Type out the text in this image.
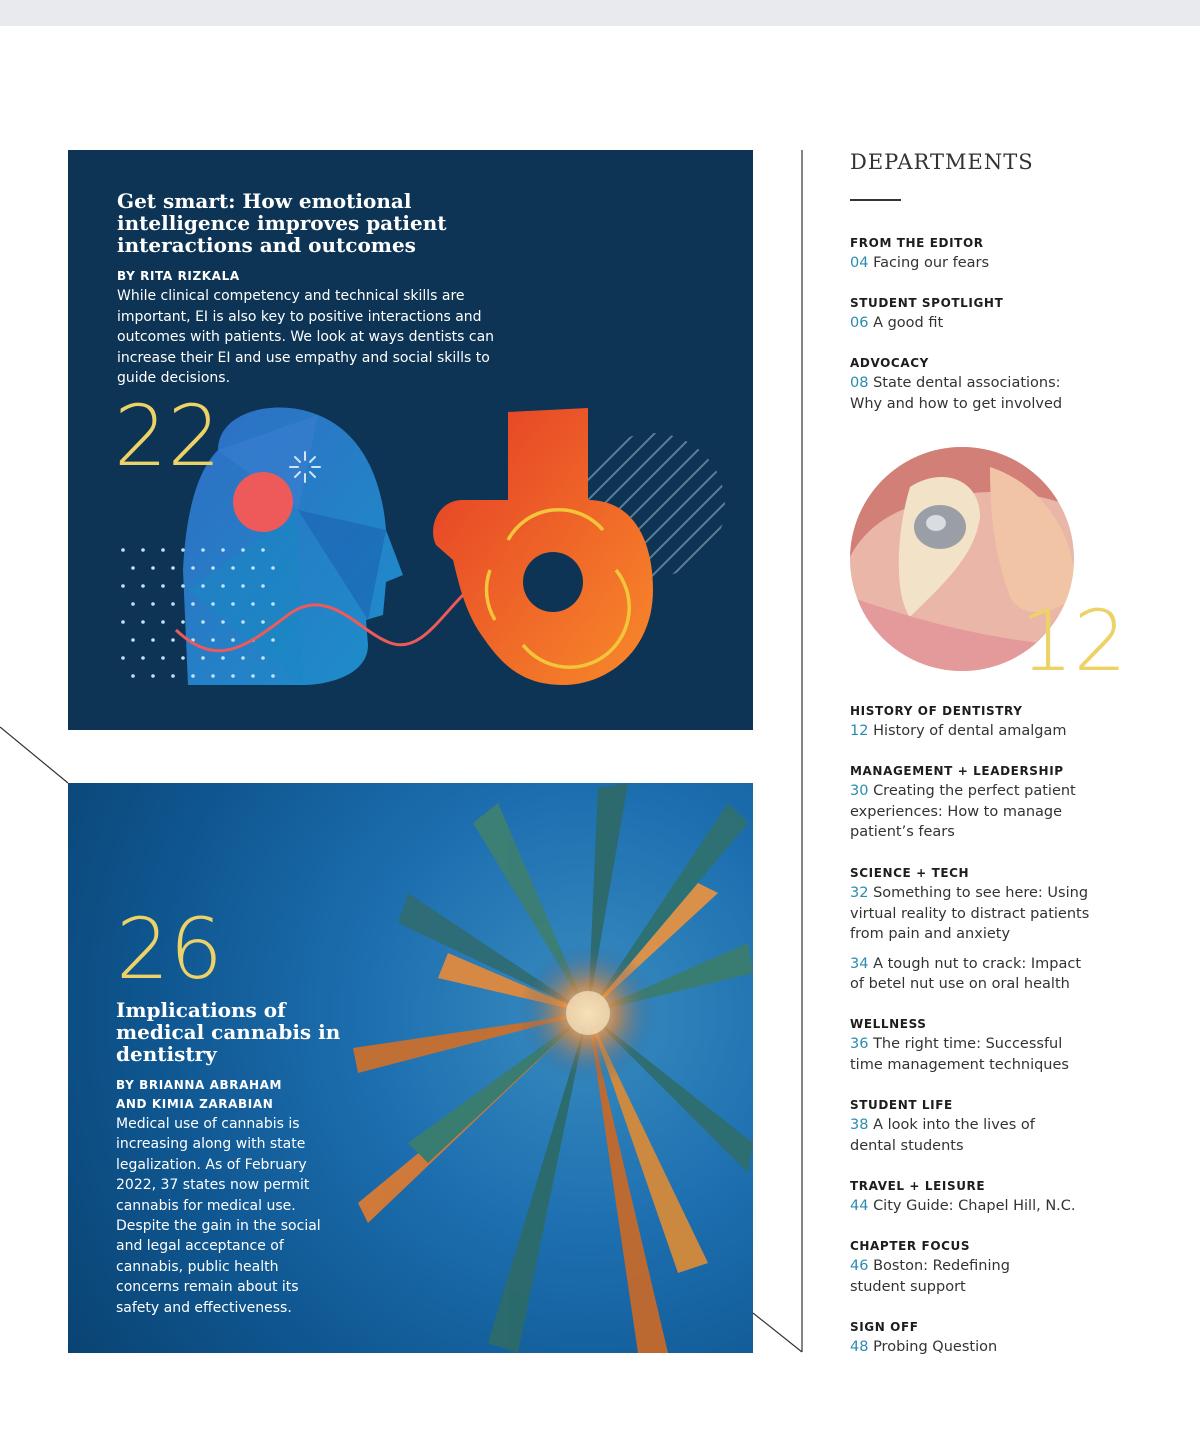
Get smart: How emotional intelligence improves patient interactions and outcomes
BY RITA RIZKALA

While clinical competency and technical skills are important, EI is also key to positive interactions and outcomes with patients. We look at ways dentists can increase their EI and use empathy and social skills to guide decisions.

22
26
Implications of medical cannabis in dentistry
BY BRIANNA ABRAHAM
AND KIMIA ZARABIAN

Medical use of cannabis is increasing along with state legalization. As of February 2022, 37 states now permit cannabis for medical use. Despite the gain in the social and legal acceptance of cannabis, public health concerns remain about its safety and effectiveness.

DEPARTMENTS
FROM THE EDITOR

04 Facing our fears

STUDENT SPOTLIGHT

06 A good fit

ADVOCACY

08 State dental associations: Why and how to get involved

12
HISTORY OF DENTISTRY

12 History of dental amalgam

MANAGEMENT + LEADERSHIP

30 Creating the perfect patient experiences: How to manage patient’s fears

SCIENCE + TECH

32 Something to see here: Using virtual reality to distract patients from pain and anxiety

34 A tough nut to crack: Impact of betel nut use on oral health

WELLNESS

36 The right time: Successful time management techniques

STUDENT LIFE

38 A look into the lives of dental students

TRAVEL + LEISURE

44 City Guide: Chapel Hill, N.C.

CHAPTER FOCUS

46 Boston: Redefining student support

SIGN OFF

48 Probing Question
